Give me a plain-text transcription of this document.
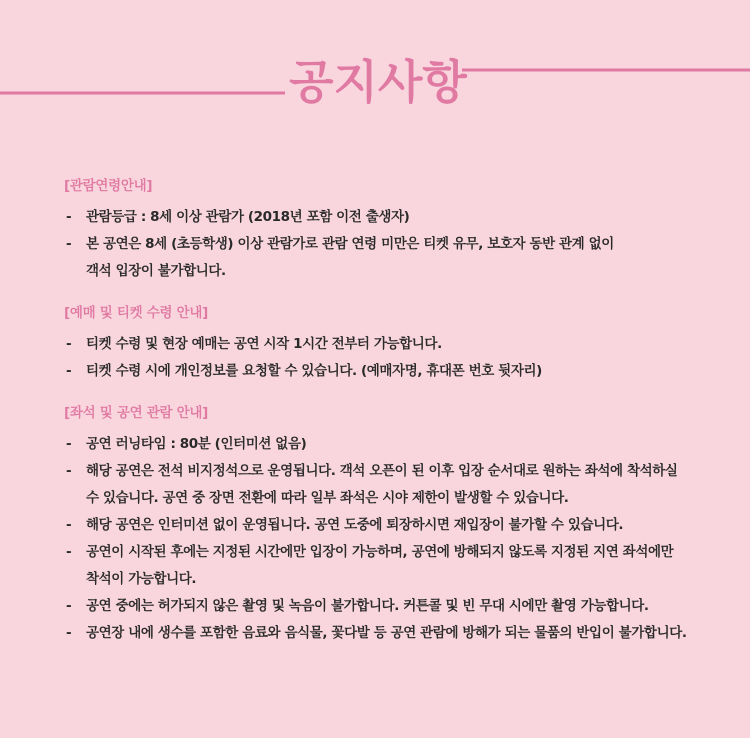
공지사항
[관람연령안내]
-	관람등급 : 8세 이상 관람가 (2018년 포함 이전 출생자)
-	본 공연은 8세 (초등학생) 이상 관람가로 관람 연령 미만은 티켓 유무, 보호자 동반 관계 없이
객석 입장이 불가합니다.
[예매 및 티켓 수령 안내]
-	티켓 수령 및 현장 예매는 공연 시작 1시간 전부터 가능합니다.
-	티켓 수령 시에 개인정보를 요청할 수 있습니다. (예매자명, 휴대폰 번호 뒷자리)
[좌석 및 공연 관람 안내]
-	공연 러닝타임 : 80분 (인터미션 없음)
-	해당 공연은 전석 비지정석으로 운영됩니다. 객석 오픈이 된 이후 입장 순서대로 원하는 좌석에 착석하실
수 있습니다. 공연 중 장면 전환에 따라 일부 좌석은 시야 제한이 발생할 수 있습니다.
-	해당 공연은 인터미션 없이 운영됩니다. 공연 도중에 퇴장하시면 재입장이 불가할 수 있습니다.
-	공연이 시작된 후에는 지정된 시간에만 입장이 가능하며, 공연에 방해되지 않도록 지정된 지연 좌석에만
착석이 가능합니다.
-	공연 중에는 허가되지 않은 촬영 및 녹음이 불가합니다. 커튼콜 및 빈 무대 시에만 촬영 가능합니다.
-	공연장 내에 생수를 포함한 음료와 음식물, 꽃다발 등 공연 관람에 방해가 되는 물품의 반입이 불가합니다.
